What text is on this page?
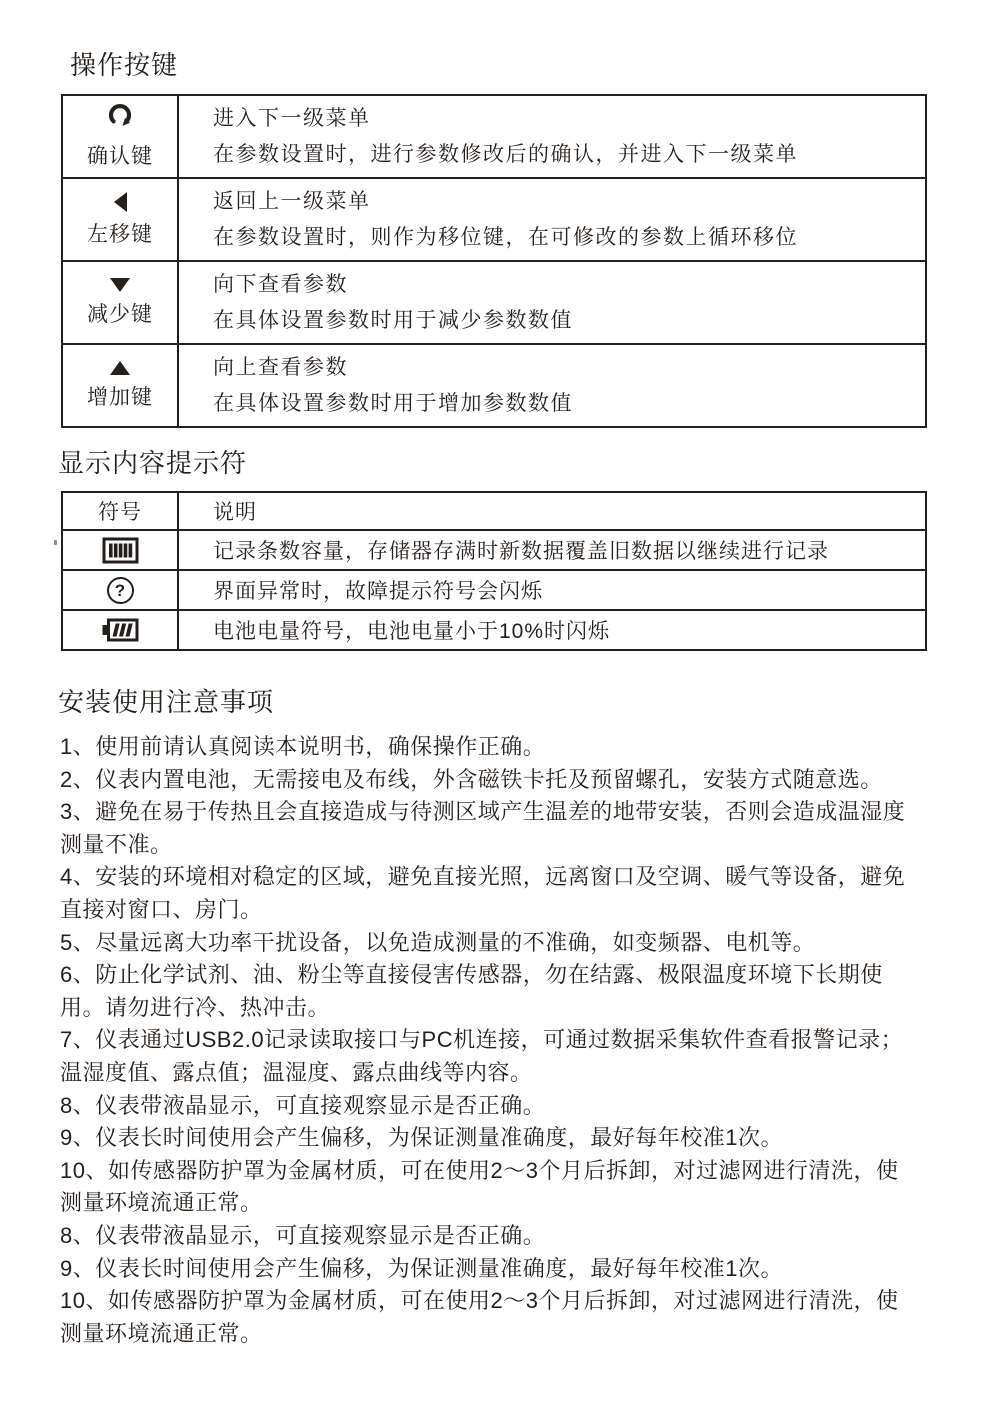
操作按键
确认键	进入下一级菜单
在参数设置时，进行参数修改后的确认，并进入下一级菜单

左移键	返回上一级菜单
在参数设置时，则作为移位键，在可修改的参数上循环移位

减少键	向下查看参数
在具体设置参数时用于减少参数数值

增加键	向上查看参数
在具体设置参数时用于增加参数数值
显示内容提示符
符号	说明

	记录条数容量，存储器存满时新数据覆盖旧数据以继续进行记录
?	界面异常时，故障提示符号会闪烁

	电池电量符号，电池电量小于10%时闪烁
安装使用注意事项

1、使用前请认真阅读本说明书，确保操作正确。

2、仪表内置电池，无需接电及布线，外含磁铁卡托及预留螺孔，安装方式随意选。

3、避免在易于传热且会直接造成与待测区域产生温差的地带安装，否则会造成温湿度测量不准。

4、安装的环境相对稳定的区域，避免直接光照，远离窗口及空调、暖气等设备，避免直接对窗口、房门。

5、尽量远离大功率干扰设备，以免造成测量的不准确，如变频器、电机等。

6、防止化学试剂、油、粉尘等直接侵害传感器，勿在结露、极限温度环境下长期使用。请勿进行冷、热冲击。

7、仪表通过USB2.0记录读取接口与PC机连接，可通过数据采集软件查看报警记录；温湿度值、露点值；温湿度、露点曲线等内容。

8、仪表带液晶显示，可直接观察显示是否正确。

9、仪表长时间使用会产生偏移，为保证测量准确度，最好每年校准1次。

10、如传感器防护罩为金属材质，可在使用2～3个月后拆卸，对过滤网进行清洗，使测量环境流通正常。

8、仪表带液晶显示，可直接观察显示是否正确。

9、仪表长时间使用会产生偏移，为保证测量准确度，最好每年校准1次。

10、如传感器防护罩为金属材质，可在使用2～3个月后拆卸，对过滤网进行清洗，使测量环境流通正常。
